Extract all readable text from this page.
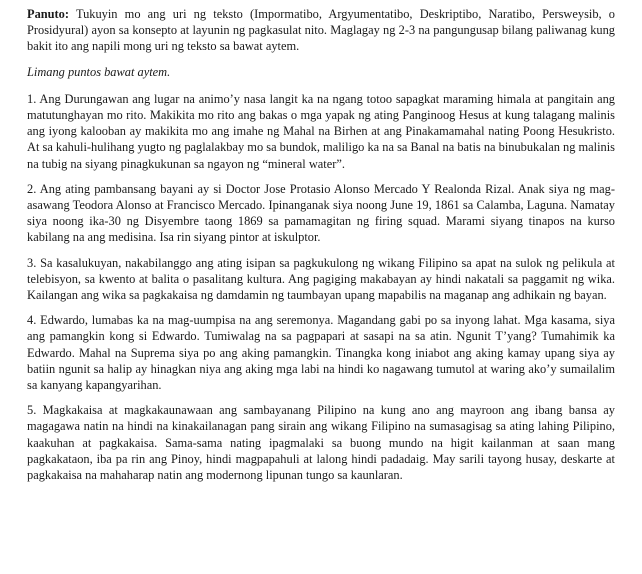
Panuto: Tukuyin mo ang uri ng teksto (Impormatibo, Argyumentatibo, Deskriptibo, Naratibo, Persweysib, o Prosidyural) ayon sa konsepto at layunin ng pagkasulat nito. Maglagay ng 2-3 na pangungusap bilang paliwanag kung bakit ito ang napili mong uri ng teksto sa bawat aytem.

Limang puntos bawat aytem.

1. Ang Durungawan ang lugar na animo’y nasa langit ka na ngang totoo sapagkat maraming himala at pangitain ang matutunghayan mo rito. Makikita mo rito ang bakas o mga yapak ng ating Panginoog Hesus at kung talagang malinis ang iyong kalooban ay makikita mo ang imahe ng Mahal na Birhen at ang Pinakamamahal nating Poong Hesukristo. At sa kahuli-hulihang yugto ng paglalakbay mo sa bundok, maliligo ka na sa Banal na batis na binubukalan ng malinis na tubig na siyang pinagkukunan sa ngayon ng “mineral water”.

2. Ang ating pambansang bayani ay si Doctor Jose Protasio Alonso Mercado Y Realonda Rizal. Anak siya ng mag-asawang Teodora Alonso at Francisco Mercado. Ipinanganak siya noong June 19, 1861 sa Calamba, Laguna. Namatay siya noong ika-30 ng Disyembre taong 1869 sa pamamagitan ng firing squad. Marami siyang tinapos na kurso kabilang na ang medisina. Isa rin siyang pintor at iskulptor.

3. Sa kasalukuyan, nakabilanggo ang ating isipan sa pagkukulong ng wikang Filipino sa apat na sulok ng pelikula at telebisyon, sa kwento at balita o pasalitang kultura. Ang pagiging makabayan ay hindi nakatali sa paggamit ng wika. Kailangan ang wika sa pagkakaisa ng damdamin ng taumbayan upang mapabilis na maganap ang adhikain ng bayan.

4. Edwardo, lumabas ka na mag-uumpisa na ang seremonya. Magandang gabi po sa inyong lahat. Mga kasama, siya ang pamangkin kong si Edwardo. Tumiwalag na sa pagpapari at sasapi na sa atin. Ngunit T’yang? Tumahimik ka Edwardo. Mahal na Suprema siya po ang aking pamangkin. Tinangka kong iniabot ang aking kamay upang siya ay batiin ngunit sa halip ay hinagkan niya ang aking mga labi na hindi ko nagawang tumutol at waring ako’y sumailalim sa kanyang kapangyarihan.

5. Magkakaisa at magkakaunawaan ang sambayanang Pilipino na kung ano ang mayroon ang ibang bansa ay magagawa natin na hindi na kinakailanagan pang sirain ang wikang Filipino na sumasagisag sa ating lahing Pilipino, kaakuhan at pagkakaisa. Sama-sama nating ipagmalaki sa buong mundo na higit kailanman at saan mang pagkakataon, iba pa rin ang Pinoy, hindi magpapahuli at lalong hindi padadaig. May sarili tayong husay, deskarte at pagkakaisa na mahaharap natin ang modernong lipunan tungo sa kaunlaran.
